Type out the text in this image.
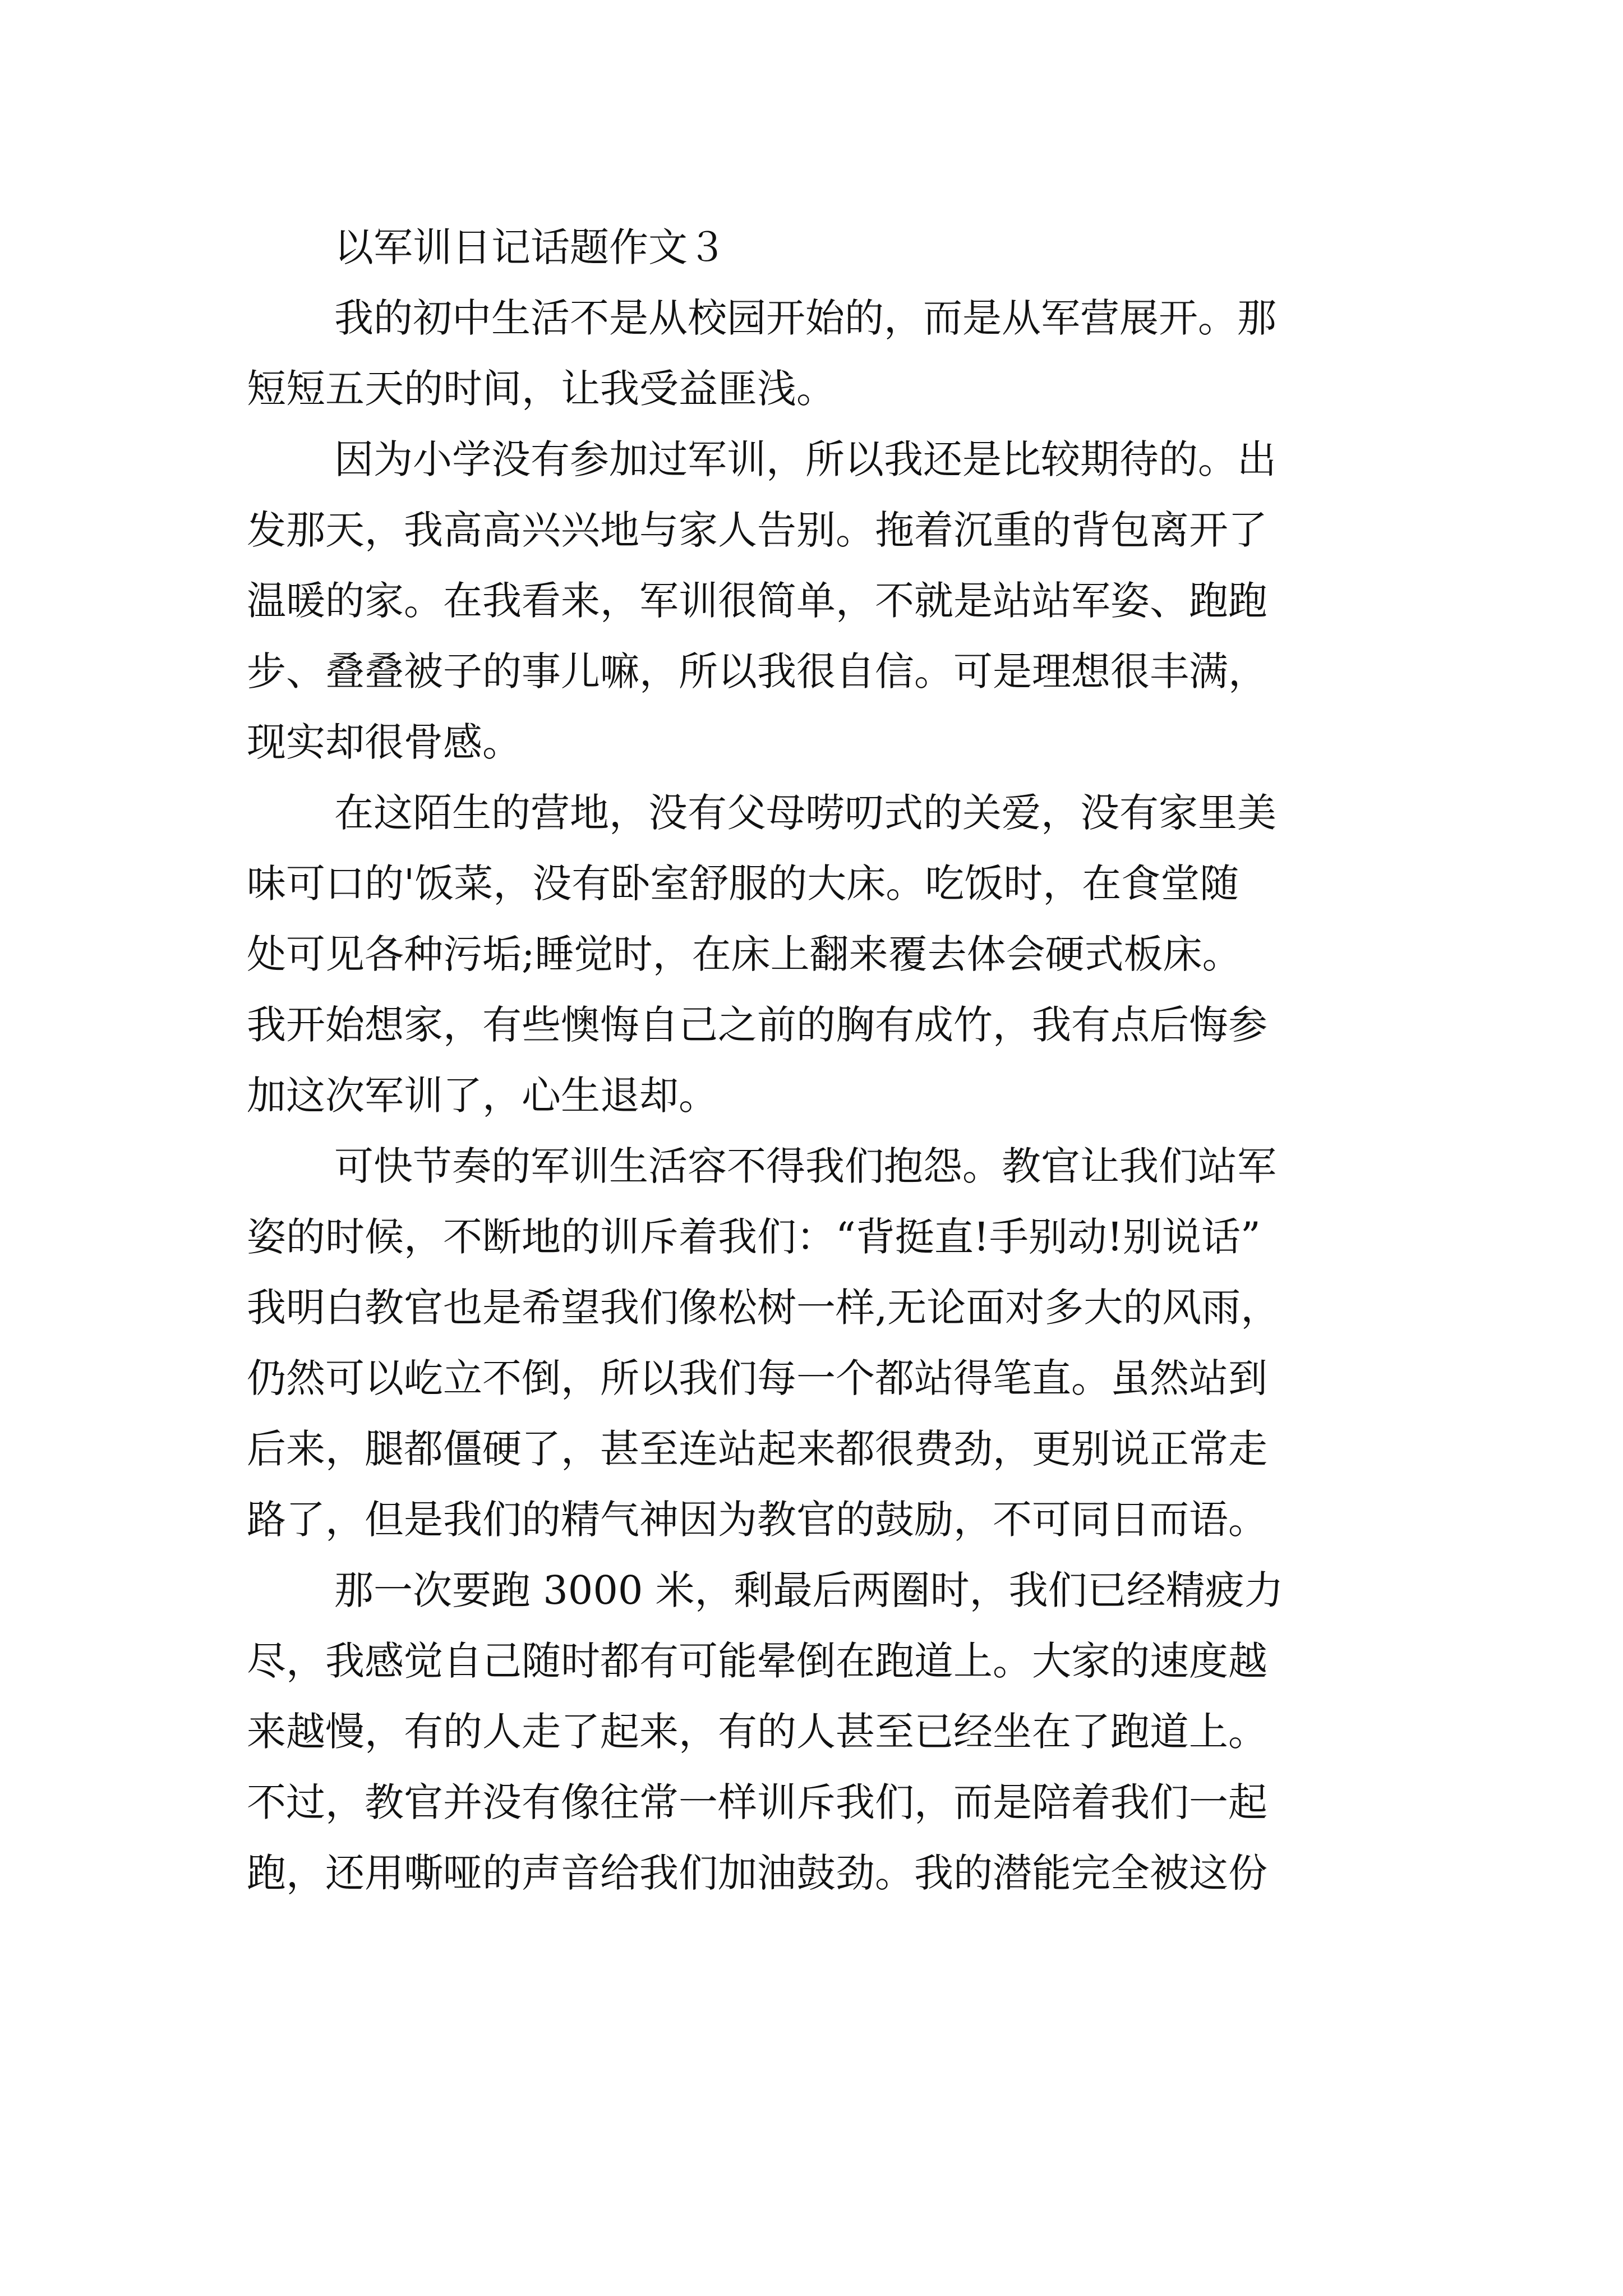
以军训日记话题作文３
我的初中生活不是从校园开始的，而是从军营展开。那
短短五天的时间，让我受益匪浅。
因为小学没有参加过军训，所以我还是比较期待的。出
发那天，我高高兴兴地与家人告别。拖着沉重的背包离开了
温暖的家。在我看来，军训很简单，不就是站站军姿、跑跑
步、叠叠被子的事儿嘛，所以我很自信。可是理想很丰满，
现实却很骨感。
在这陌生的营地，没有父母唠叨式的关爱，没有家里美
味可口的'饭菜，没有卧室舒服的大床。吃饭时，在食堂随
处可见各种污垢;睡觉时，在床上翻来覆去体会硬式板床。
我开始想家，有些懊悔自己之前的胸有成竹，我有点后悔参
加这次军训了，心生退却。
可快节奏的军训生活容不得我们抱怨。教官让我们站军
姿的时候，不断地的训斥着我们：“背挺直!手别动!别说话”
我明白教官也是希望我们像松树一样,无论面对多大的风雨，
仍然可以屹立不倒，所以我们每一个都站得笔直。虽然站到
后来，腿都僵硬了，甚至连站起来都很费劲，更别说正常走
路了，但是我们的精气神因为教官的鼓励，不可同日而语。
那一次要跑 3000 米，剩最后两圈时，我们已经精疲力
尽，我感觉自己随时都有可能晕倒在跑道上。大家的速度越
来越慢，有的人走了起来，有的人甚至已经坐在了跑道上。
不过，教官并没有像往常一样训斥我们，而是陪着我们一起
跑，还用嘶哑的声音给我们加油鼓劲。我的潜能完全被这份
